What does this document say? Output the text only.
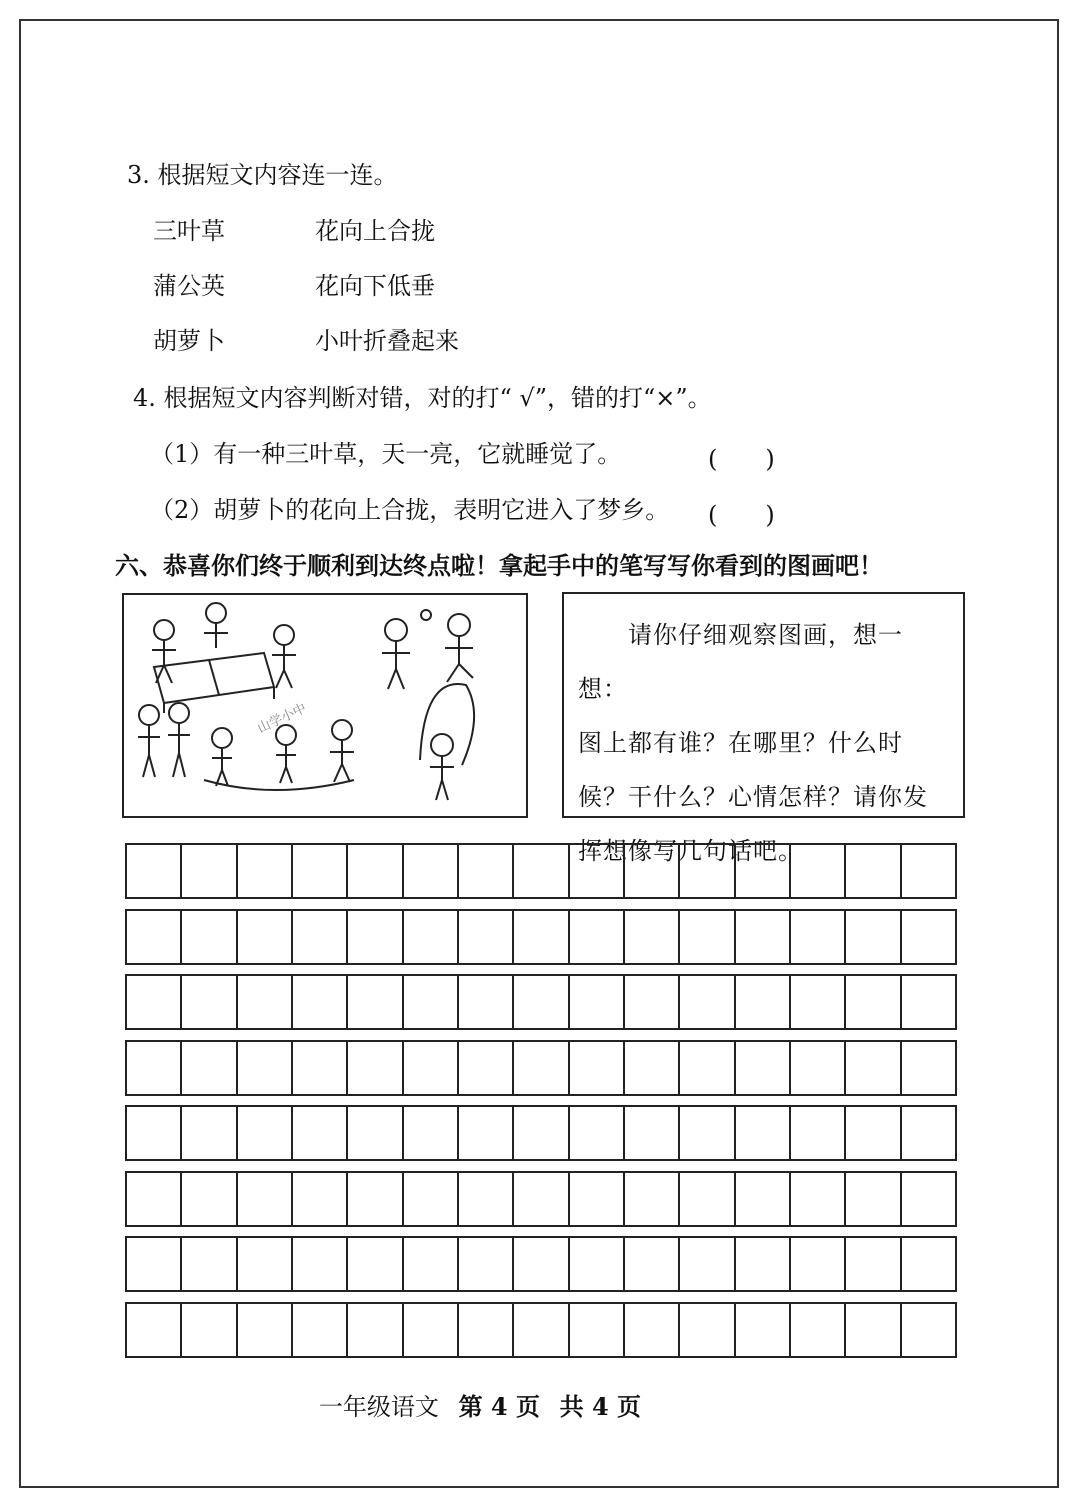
3. 根据短文内容连一连。
三叶草	花向上合拢
蒲公英	花向下低垂
胡萝卜	小叶折叠起来
4. 根据短文内容判断对错，对的打“ √”，错的打“×”。
（1）有一种三叶草，天一亮，它就睡觉了。	(　　)
（2）胡萝卜的花向上合拢，表明它进入了梦乡。 (　　)
六、恭喜你们终于顺利到达终点啦！拿起手中的笔写写你看到的图画吧！
山学小中

　　请你仔细观察图画，想一想：

图上都有谁？在哪里？什么时

候？干什么？心情怎样？请你发

挥想像写几句话吧。

一年级语文 第 4 页 共 4 页
